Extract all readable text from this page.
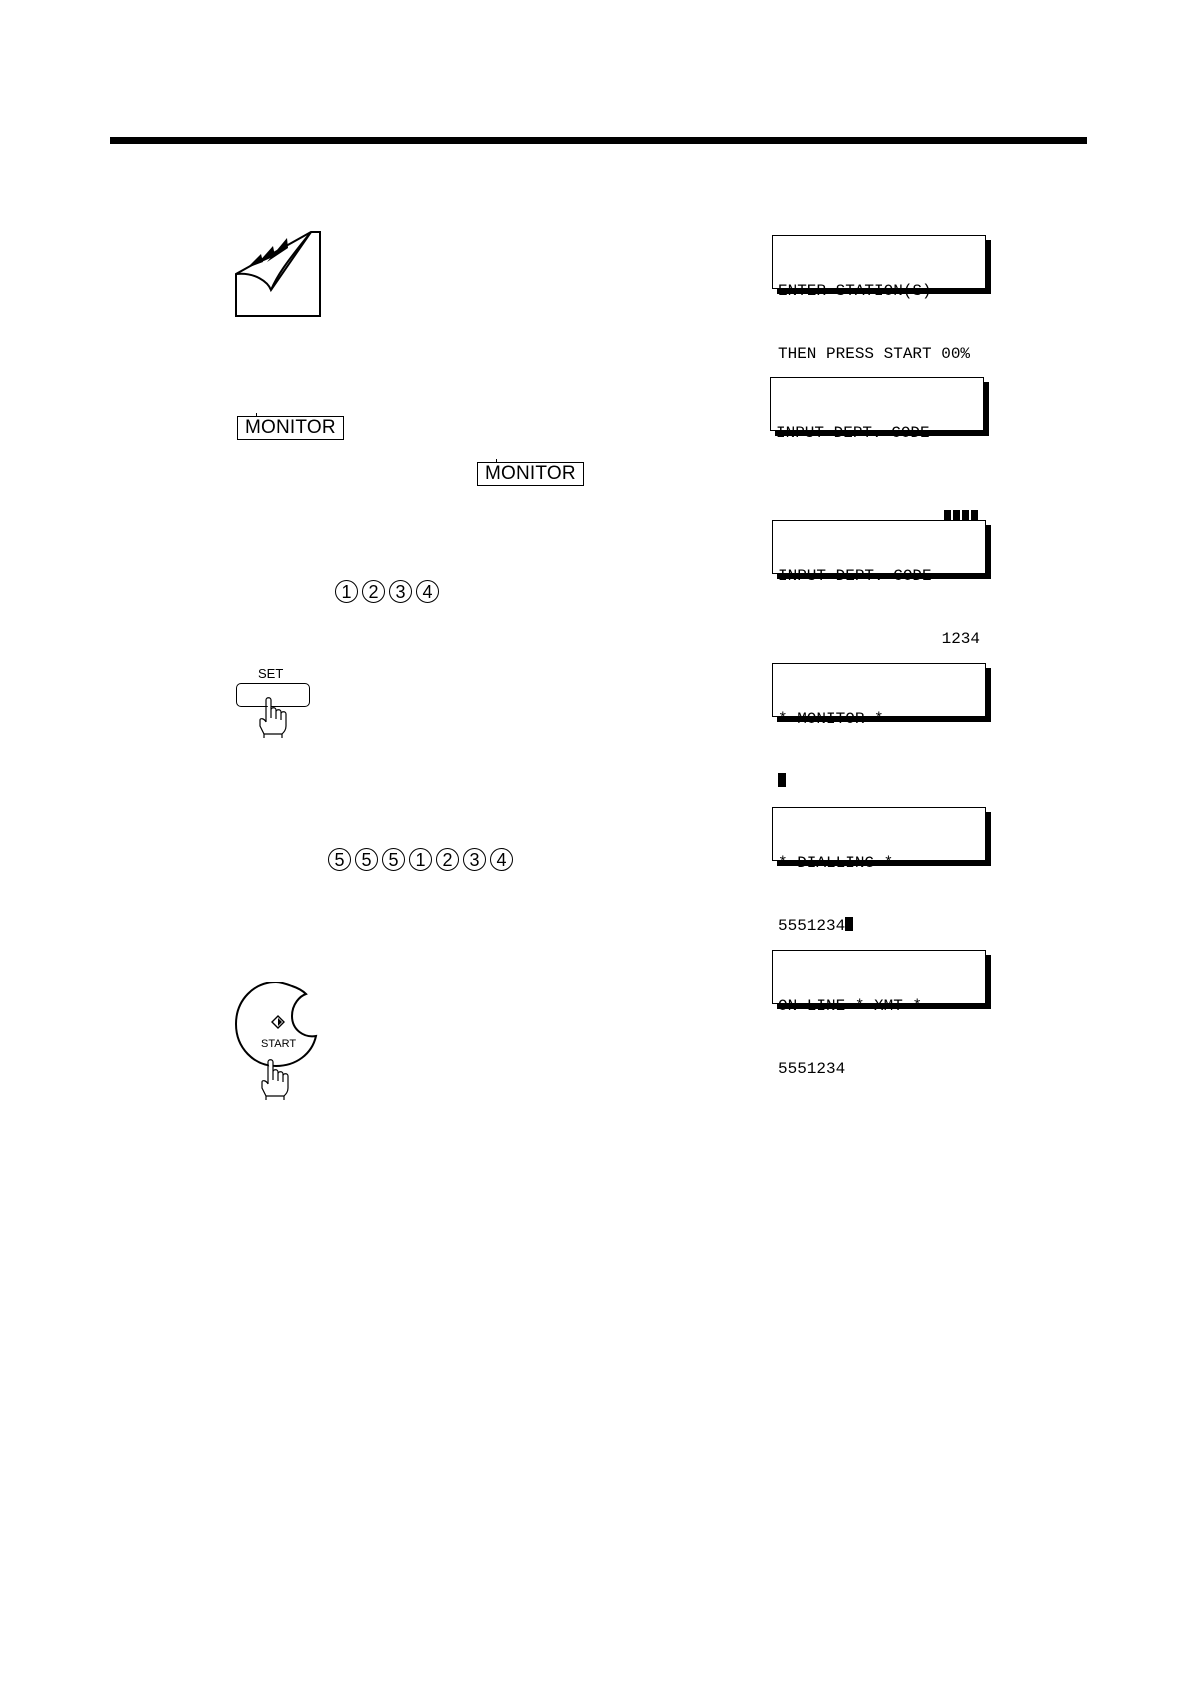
MONITOR
MONITOR
1 2 3 4
SET
5 5 5 1 2 3 4
START

ENTER STATION(S)

THEN PRESS START 00%

INPUT DEPT. CODE

INPUT DEPT. CODE

1234

* MONITOR *

* DIALLING *

5551234

ON LINE * XMT *

5551234
